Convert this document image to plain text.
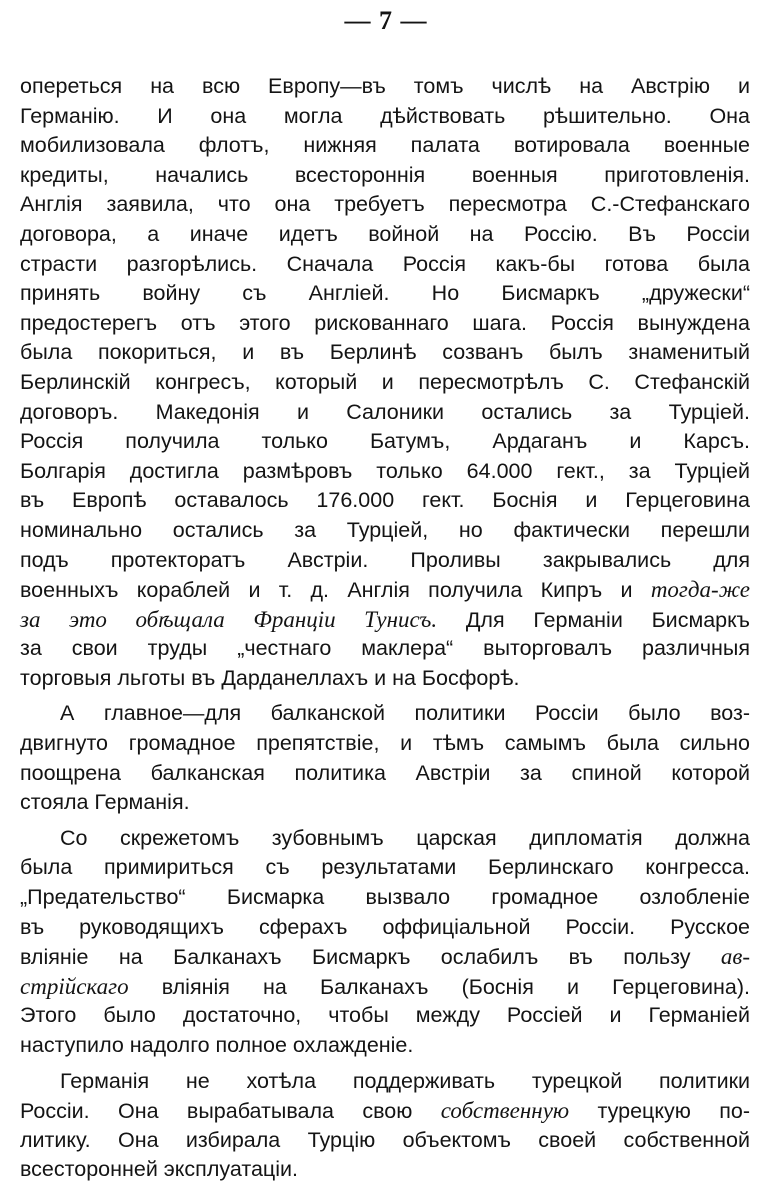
— 7 —
опереться на всю Европу—въ томъ числѣ на Австрію и
Германію. И она могла дѣйствовать рѣшительно. Она
мобилизовала флотъ, нижняя палата вотировала военные
кредиты, начались всестороннія военныя приготовленія.
Англія заявила, что она требуетъ пересмотра С.-Стефанскаго
договора, а иначе идетъ войной на Россію. Въ Россіи
страсти разгорѣлись. Сначала Россія какъ-бы готова была
принять войну съ Англіей. Но Бисмаркъ „дружески“
предостерегъ отъ этого рискованнаго шага. Россія вынуждена
была покориться, и въ Берлинѣ созванъ былъ знаменитый
Берлинскій конгресъ, который и пересмотрѣлъ С. Стефанскій
договоръ. Македонія и Салоники остались за Турціей.
Россія получила только Батумъ, Ардаганъ и Карсъ.
Болгарія достигла размѣровъ только 64.000 гект., за Турціей
въ Европѣ оставалось 176.000 гект. Боснія и Герцеговина
номинально остались за Турціей, но фактически перешли
подъ протекторатъ Австріи. Проливы закрывались для
военныхъ кораблей и т. д. Англія получила Кипръ и тогда-же
за это обѣщала Франціи Тунисъ. Для Германіи Бисмаркъ
за свои труды „честнаго маклера“ выторговалъ различныя
торговыя льготы въ Дарданеллахъ и на Босфорѣ.
А главное—для балканской политики Россіи было воз-
двигнуто громадное препятствіе, и тѣмъ самымъ была сильно
поощрена балканская политика Австріи за спиной которой
стояла Германія.
Со скрежетомъ зубовнымъ царская дипломатія должна
была примириться съ результатами Берлинскаго конгресса.
„Предательство“ Бисмарка вызвало громадное озлобленіе
въ руководящихъ сферахъ оффиціальной Россіи. Русское
вліяніе на Балканахъ Бисмаркъ ослабилъ въ пользу ав-
стрійскаго вліянія на Балканахъ (Боснія и Герцеговина).
Этого было достаточно, чтобы между Россіей и Германіей
наступило надолго полное охлажденіе.
Германія не хотѣла поддерживать турецкой политики
Россіи. Она вырабатывала свою собственную турецкую по-
литику. Она избирала Турцію объектомъ своей собственной
всесторонней эксплуатаціи.
